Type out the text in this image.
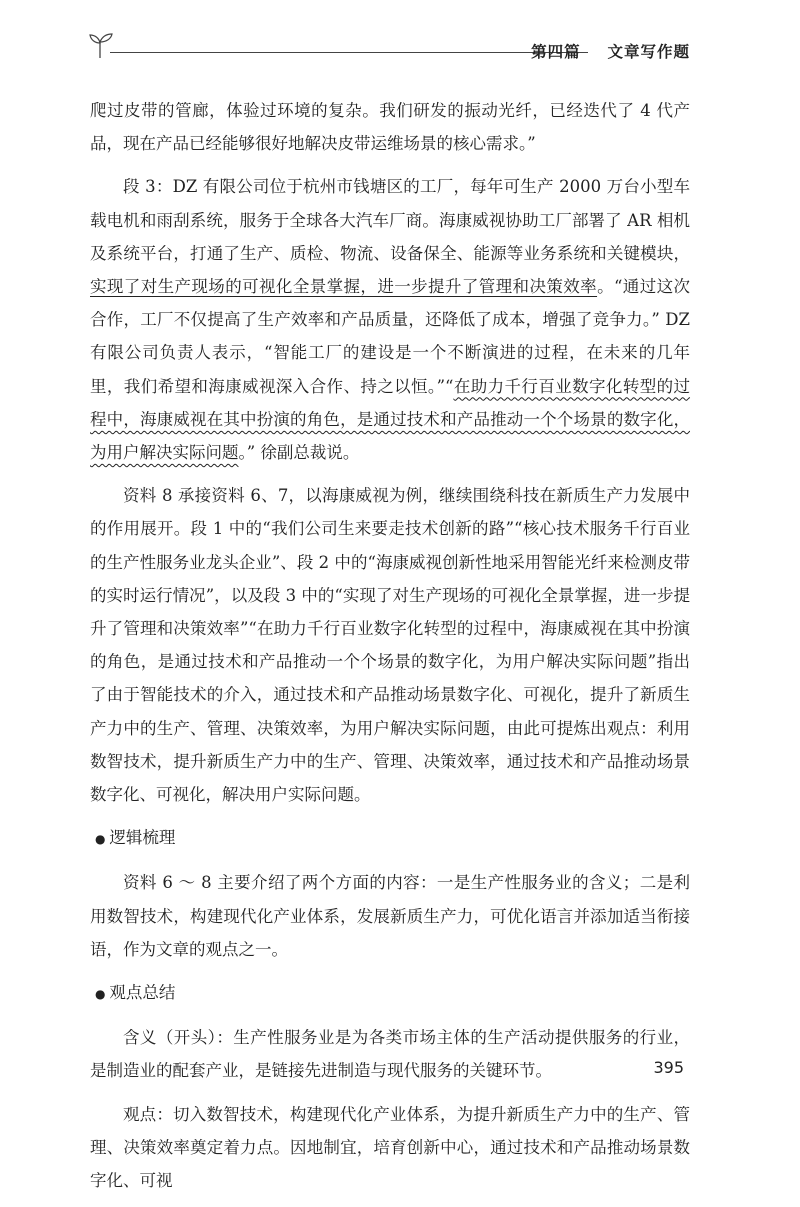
第四篇 文章写作题

爬过皮带的管廊，体验过环境的复杂。我们研发的振动光纤，已经迭代了 4 代产品，现在产品已经能够很好地解决皮带运维场景的核心需求。”

段 3：DZ 有限公司位于杭州市钱塘区的工厂，每年可生产 2000 万台小型车载电机和雨刮系统，服务于全球各大汽车厂商。海康威视协助工厂部署了 AR 相机及系统平台，打通了生产、质检、物流、设备保全、能源等业务系统和关键模块，实现了对生产现场的可视化全景掌握，进一步提升了管理和决策效率。“通过这次合作，工厂不仅提高了生产效率和产品质量，还降低了成本，增强了竞争力。” DZ 有限公司负责人表示，“智能工厂的建设是一个不断演进的过程，在未来的几年里，我们希望和海康威视深入合作、持之以恒。”“在助力千行百业数字化转型的过程中，海康威视在其中扮演的角色，是通过技术和产品推动一个个场景的数字化，为用户解决实际问题。” 徐副总裁说。

资料 8 承接资料 6、7，以海康威视为例，继续围绕科技在新质生产力发展中的作用展开。段 1 中的“我们公司生来要走技术创新的路”“核心技术服务千行百业的生产性服务业龙头企业”、段 2 中的“海康威视创新性地采用智能光纤来检测皮带的实时运行情况”，以及段 3 中的“实现了对生产现场的可视化全景掌握，进一步提升了管理和决策效率”“在助力千行百业数字化转型的过程中，海康威视在其中扮演的角色，是通过技术和产品推动一个个场景的数字化，为用户解决实际问题”指出了由于智能技术的介入，通过技术和产品推动场景数字化、可视化，提升了新质生产力中的生产、管理、决策效率，为用户解决实际问题，由此可提炼出观点：利用数智技术，提升新质生产力中的生产、管理、决策效率，通过技术和产品推动场景数字化、可视化，解决用户实际问题。

● 逻辑梳理

资料 6 ～ 8 主要介绍了两个方面的内容：一是生产性服务业的含义；二是利用数智技术，构建现代化产业体系，发展新质生产力，可优化语言并添加适当衔接语，作为文章的观点之一。

● 观点总结

含义（开头）：生产性服务业是为各类市场主体的生产活动提供服务的行业，是制造业的配套产业，是链接先进制造与现代服务的关键环节。

观点：切入数智技术，构建现代化产业体系，为提升新质生产力中的生产、管理、决策效率奠定着力点。因地制宜，培育创新中心，通过技术和产品推动场景数字化、可视

395
